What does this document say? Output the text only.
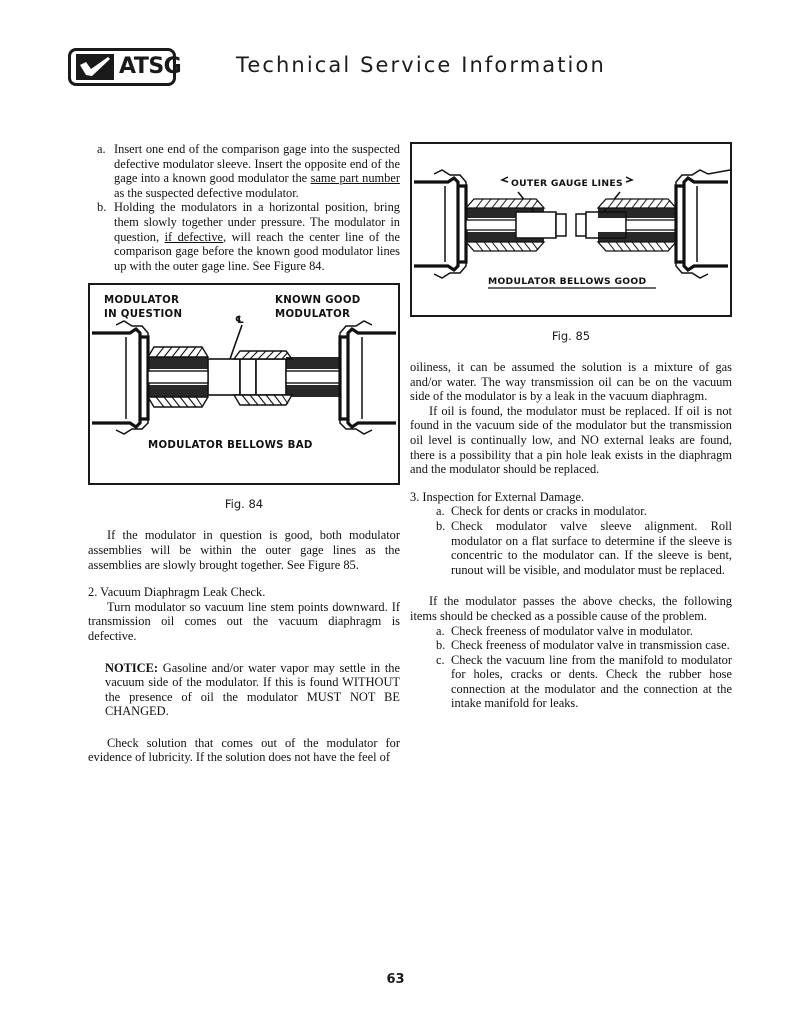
ATSG	Technical Service Information
a. Insert one end of the comparison gage into the suspected defective modulator sleeve. Insert the opposite end of the gage into a known good modulator the same part number as the suspected defective modulator.
b. Holding the modulators in a horizontal position, bring them slowly together under pressure. The modulator in question, if defective, will reach the center line of the comparison gage before the known good modulator lines up with the outer gage line. See Figure 84.
MODULATOR
IN QUESTION
KNOWN GOOD
MODULATOR
MODULATOR BELLOWS BAD
℄
Fig. 84
If the modulator in question is good, both modulator assemblies will be within the outer gage lines as the assemblies are slowly brought together. See Figure 85.
2. Vacuum Diaphragm Leak Check.
Turn modulator so vacuum line stem points downward. If transmission oil comes out the vacuum diaphragm is defective.
NOTICE: Gasoline and/or water vapor may settle in the vacuum side of the modulator. If this is found WITHOUT the presence of oil the modulator MUST NOT BE CHANGED.
Check solution that comes out of the modulator for evidence of lubricity. If the solution does not have the feel of
MODULATOR BELLOWS GOOD
OUTER GAUGE LINES
Fig. 85
oiliness, it can be assumed the solution is a mixture of gas and/or water. The way transmission oil can be on the vacuum side of the modulator is by a leak in the vacuum diaphragm.
If oil is found, the modulator must be replaced. If oil is not found in the vacuum side of the modulator but the transmission oil level is continually low, and NO external leaks are found, there is a possibility that a pin hole leak exists in the diaphragm and the modulator should be replaced.
3. Inspection for External Damage.
a. Check for dents or cracks in modulator.
b. Check modulator valve sleeve alignment. Roll modulator on a flat surface to determine if the sleeve is concentric to the modulator can. If the sleeve is bent, runout will be visible, and modulator must be replaced.
If the modulator passes the above checks, the following items should be checked as a possible cause of the problem.
a. Check freeness of modulator valve in modulator.
b. Check freeness of modulator valve in transmission case.
c. Check the vacuum line from the manifold to modulator for holes, cracks or dents. Check the rubber hose connection at the modulator and the connection at the intake manifold for leaks.
63
